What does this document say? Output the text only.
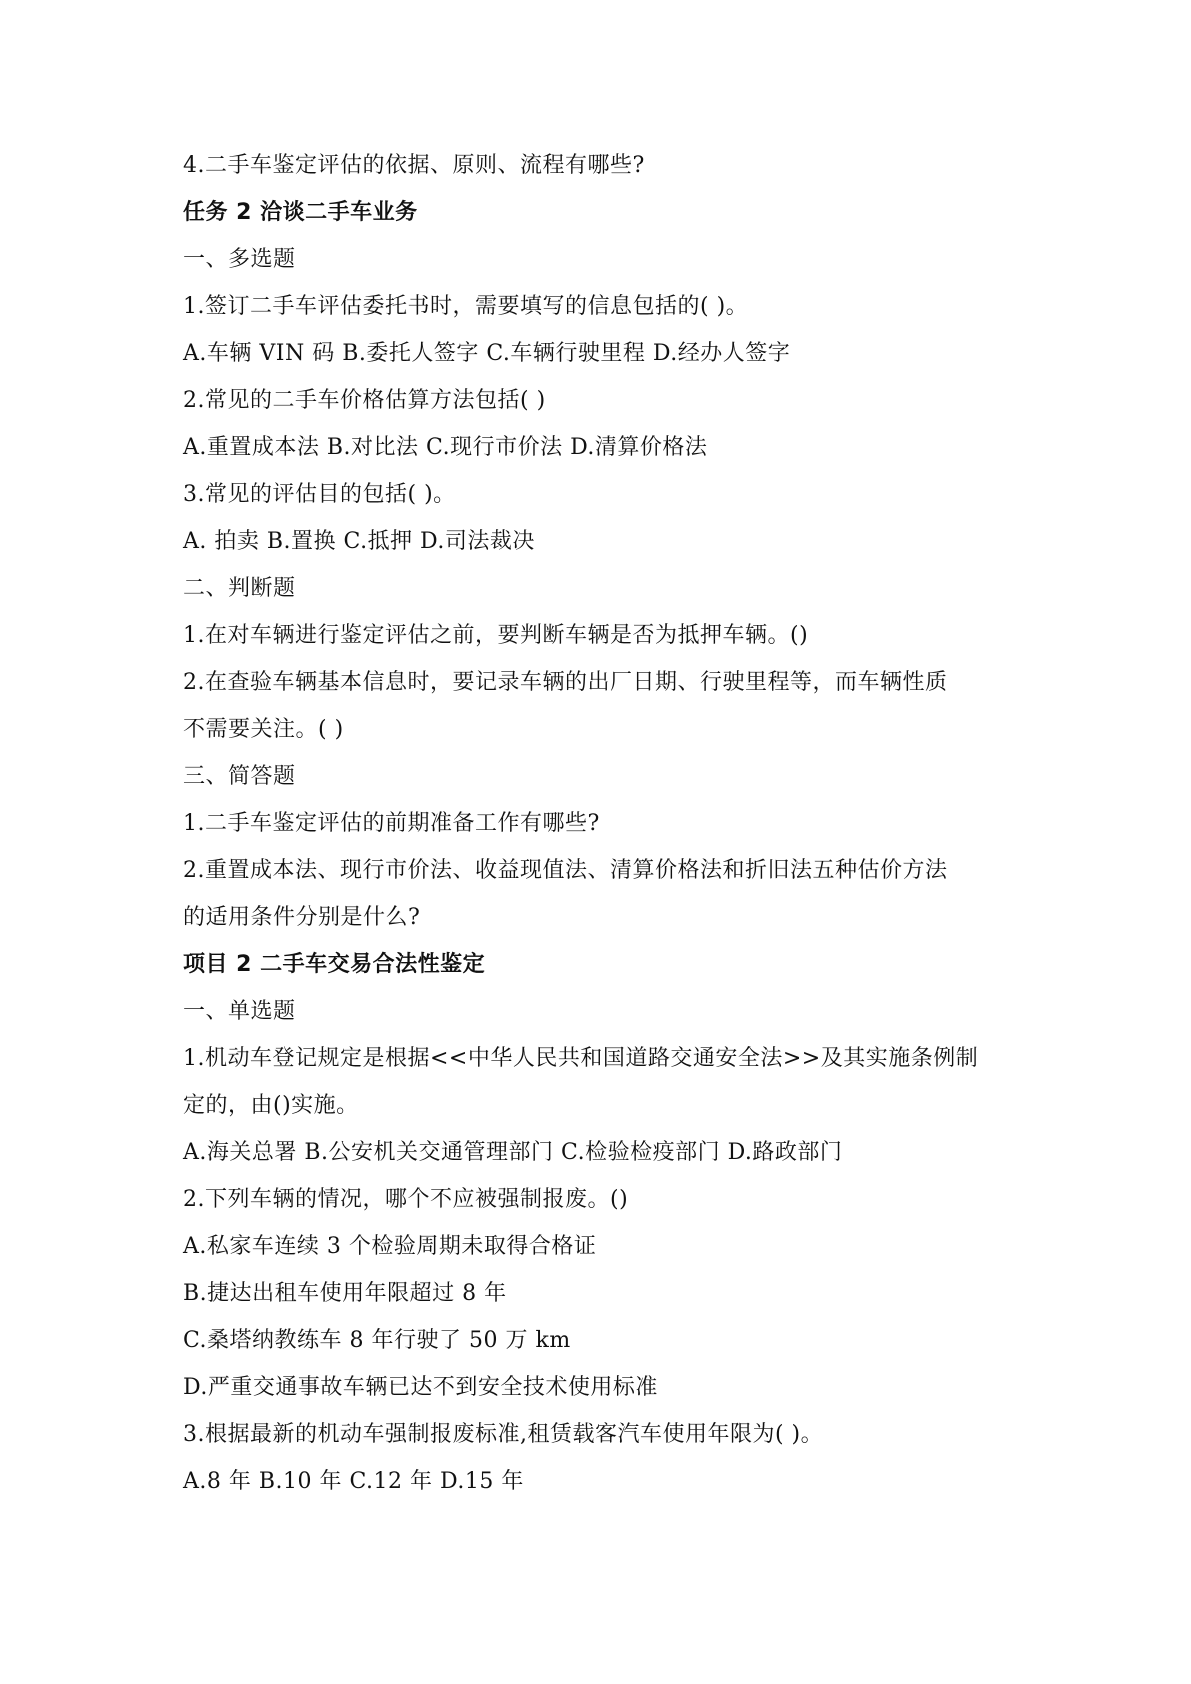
4.二手车鉴定评估的依据、原则、流程有哪些?
任务 2 洽谈二手车业务
一、多选题
1.签订二手车评估委托书时，需要填写的信息包括的( )。
A.车辆 VIN 码 B.委托人签字 C.车辆行驶里程 D.经办人签字
2.常见的二手车价格估算方法包括( )
A.重置成本法 B.对比法 C.现行市价法 D.清算价格法
3.常见的评估目的包括( )。
A. 拍卖 B.置换 C.抵押 D.司法裁决
二、判断题
1.在对车辆进行鉴定评估之前，要判断车辆是否为抵押车辆。()
2.在查验车辆基本信息时，要记录车辆的出厂日期、行驶里程等，而车辆性质
不需要关注。( )
三、简答题
1.二手车鉴定评估的前期准备工作有哪些?
2.重置成本法、现行市价法、收益现值法、清算价格法和折旧法五种估价方法
的适用条件分别是什么?
项目 2 二手车交易合法性鉴定
一、单选题
1.机动车登记规定是根据<<中华人民共和国道路交通安全法>>及其实施条例制
定的，由()实施。
A.海关总署 B.公安机关交通管理部门 C.检验检疫部门 D.路政部门
2.下列车辆的情况，哪个不应被强制报废。()
A.私家车连续 3 个检验周期未取得合格证
B.捷达出租车使用年限超过 8 年
C.桑塔纳教练车 8 年行驶了 50 万 km
D.严重交通事故车辆已达不到安全技术使用标准
3.根据最新的机动车强制报废标准,租赁载客汽车使用年限为( )。
A.8 年 B.10 年 C.12 年 D.15 年
